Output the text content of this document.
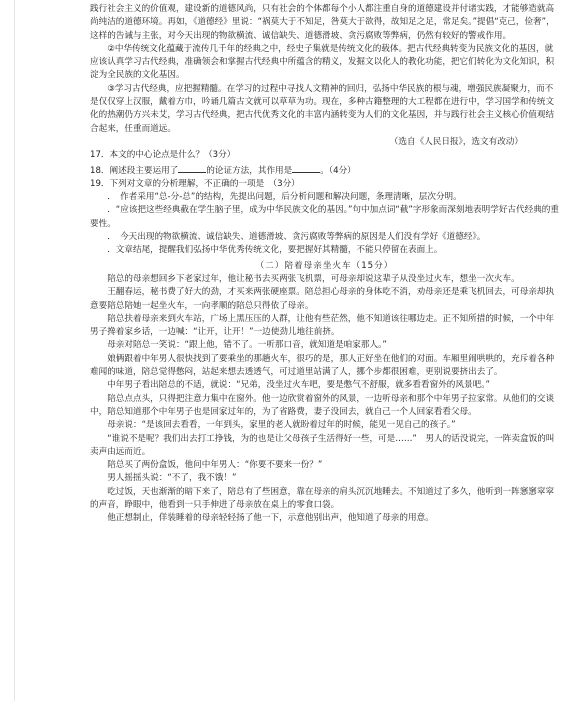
践行社会主义的价值观，建设新的道德风尚，只有社会的个体都每个小人都注重自身的道德建设并付诸实践，才能够造就高尚纯洁的道德环境。再如，《道德经》里说：“祸莫大于不知足，咎莫大于欲得，故知足之足，常足矣。”提倡“克己，俭奢”，这样的告诫与主张，对今天出现的物欲横流、诚信缺失、道德滑坡、贪污腐败等弊病，仍然有较好的警戒作用。

②中华传统文化蕴藏于流传几千年的经典之中，经史子集就是传统文化的载体。把古代经典转变为民族文化的基因，就应该认真学习古代经典，准确领会和掌握古代经典中所蕴含的精义，发掘文以化人的教化功能，把它们转化为文化知识，积淀为全民族的文化基因。

③学习古代经典，应把握精髓。在学习的过程中寻找人文精神的回归，弘扬中华民族的根与魂，增强民族凝聚力，而不是仅仅穿上汉服，戴着方巾，吟诵几篇古文就可以草草为功。现在，多种古籍整理的大工程都在进行中，学习国学和传统文化的热潮仍方兴未艾，学习古代经典，把古代优秀文化的丰富内涵转变为人们的文化基因，并与践行社会主义核心价值观结合起来，任重而道远。

（选自《人民日报》，选文有改动）

17．本文的中心论点是什么？（3分）

18．阐述段主要运用了	的论证方法，其作用是	。（4分）

19．下列对文章的分析理解，不正确的一项是　（3分）

．　作者采用“总-分-总”的结构，先提出问题，后分析问题和解决问题，条理清晰，层次分明。

．“应该把这些经典截在学生脑子里，成为中华民族文化的基因。”句中加点词“截”字形象而深刻地表明学好古代经典的重要性。

．　今天出现的物欲横流、诚信缺失、道德滑坡、贪污腐败等弊病的原因是人们没有学好《道德经》。

．文章结尾，提醒我们弘扬中华优秀传统文化，要把握好其精髓，不能只停留在表面上。

（二）陪着母亲坐火车（15分）

陪总的母亲想回乡下老家过年，他让秘书去买两张飞机票，可母亲却说这辈子从没坐过火车，想坐一次火车。

王翻春运，秘书费了好大的劲，才买来两张硬座票。陪总担心母亲的身体吃不消，劝母亲还是乘飞机回去，可母亲却执意要陪总陪她一起坐火车，一向孝顺的陪总只得依了母亲。

陪总扶着母亲来到火车站，广场上黑压压的人群，让他有些茫然，他不知道该往哪边走。正不知所措的时候，一个中年男子搀着家乡话，一边喊：“让开，让开！”一边使劲儿地往前挤。

母亲对陪总一笑说：“跟上他，错不了。一听那口音，就知道是咱家那人。”

娘俩跟着中年男人很快找到了要乘坐的那趟火车，很巧的是，那人正好坐在他们的对面。车厢里闹哄哄的，充斥着各种难闻的味道，陪总觉得憋闷，站起来想去透透气，可过道里站满了人，挪个步都很困难，更别说要挤出去了。

中年男子看出陪总的不适，就说：“兄弟，没坐过火车吧，要是憋气不舒服，就多看看窗外的风景吧。”

陪总点点头，只得把注意力集中在窗外。他一边欣赏着窗外的风景，一边听母亲和那个中年男子拉家常。从他们的交谈中，陪总知道那个中年男子也是回家过年的，为了省路费，妻子没回去，就自己一个人回家看看父母。

母亲说：“是该回去看看，一年到头，家里的老人就盼着过年的时候，能见一见自己的孩子。”

“谁说不是呢？我们出去打工挣钱，为的也是让父母孩子生活得好一些，可是……”　男人的话没说完，一阵卖盒饭的叫卖声由远而近。

陪总买了两份盒饭，他问中年男人：“你要不要来一份？”

男人摇摇头说：“不了，我不饿！”

吃过饭，天也渐渐的暗下来了，陪总有了些困意，靠在母亲的肩头沉沉地睡去。不知道过了多久，他听到一阵窸窸窣窣的声音，睁眼中，他看到一只手伸进了母亲放在桌上的零食口袋。

他正想制止，佯装睡着的母亲轻轻扬了他一下，示意他别出声，他知道了母亲的用意。
